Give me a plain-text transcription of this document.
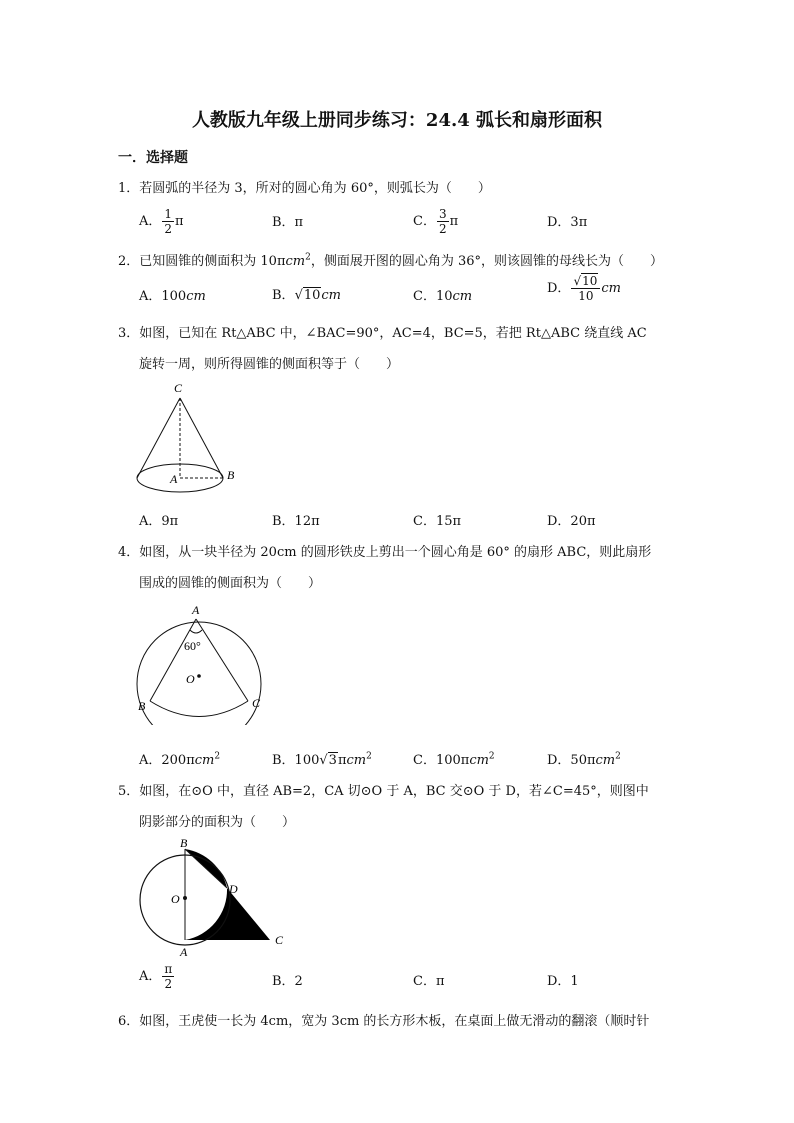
人教版九年级上册同步练习：24.4 弧长和扇形面积
一．选择题
1．若圆弧的半径为 3，所对的圆心角为 60°，则弧长为（　　）
A． $\frac{1}{2}$ π	B．π	C． $\frac{3}{2}$ π	D．3π
2．已知圆锥的侧面积为 10πcm$^2$，侧面展开图的圆心角为 36°，则该圆锥的母线长为（　　）
A．100cm	B．√10cm	C．10cm
D． $\frac{√10}{10}$ cm
3．如图，已知在 Rt△ABC 中，∠BAC=90°，AC=4，BC=5，若把 Rt△ABC 绕直线 AC
旋转一周，则所得圆锥的侧面积等于（　　）
C
A	B
A．9π	B．12π	C．15π	D．20π
4．如图，从一块半径为 20cm 的圆形铁皮上剪出一个圆心角是 60° 的扇形 ABC，则此扇形
围成的圆锥的侧面积为（　　）
A
60°
O
B	C
A．200πcm$^2$	B．100√3πcm$^2$	C．100πcm$^2$	D．50πcm$^2$
5．如图，在⊙O 中，直径 AB=2，CA 切⊙O 于 A，BC 交⊙O 于 D，若∠C=45°，则图中
阴影部分的面积为（　　）
B
O
D
A
C
A． $\frac{\pi}{2}$	B．2	C．π	D．1
6．如图，王虎使一长为 4cm，宽为 3cm 的长方形木板，在桌面上做无滑动的翻滚（顺时针
